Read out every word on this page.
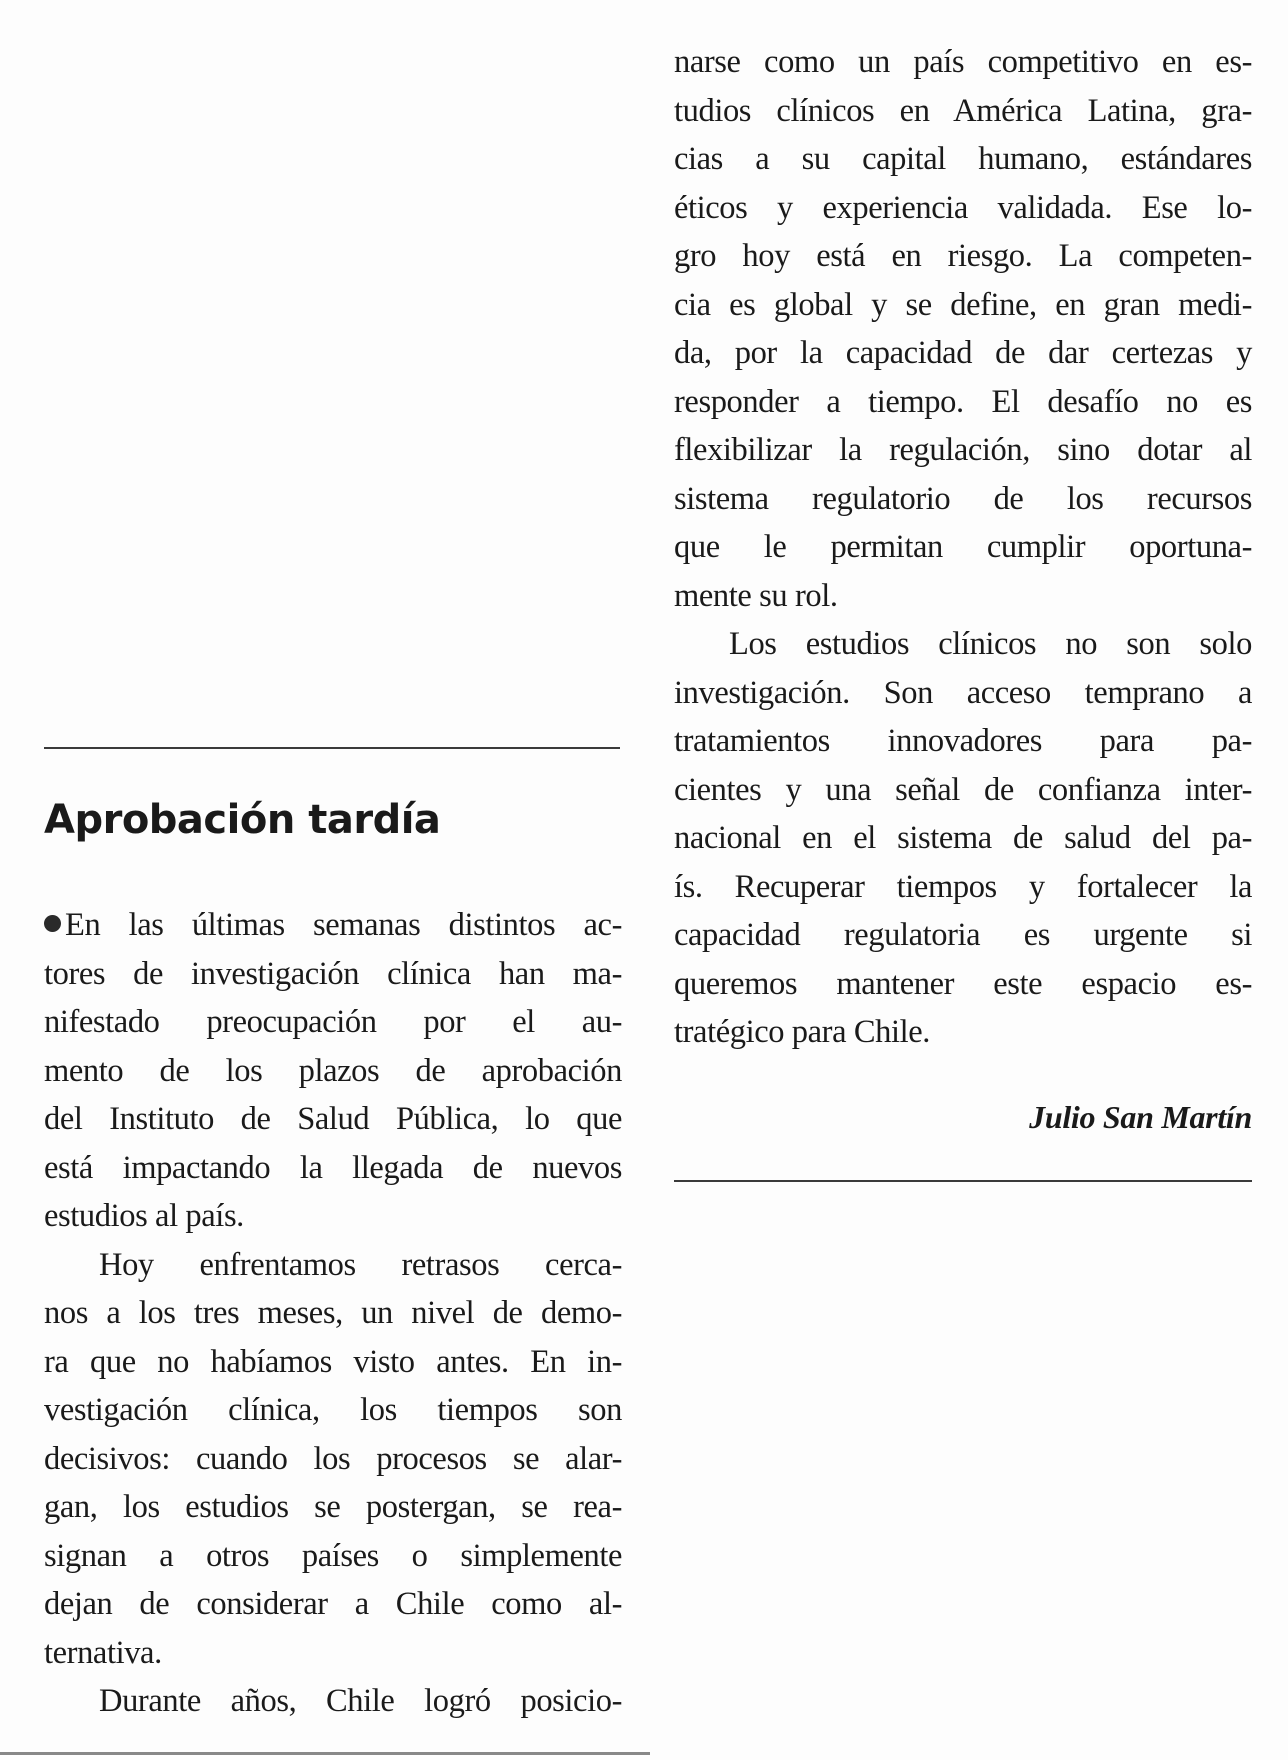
Aprobación tardía
En las últimas semanas distintos ac-
tores de investigación clínica han ma-
nifestado preocupación por el au-
mento de los plazos de aprobación
del Instituto de Salud Pública, lo que
está impactando la llegada de nuevos
estudios al país.
Hoy enfrentamos retrasos cerca-
nos a los tres meses, un nivel de demo-
ra que no habíamos visto antes. En in-
vestigación clínica, los tiempos son
decisivos: cuando los procesos se alar-
gan, los estudios se postergan, se rea-
signan a otros países o simplemente
dejan de considerar a Chile como al-
ternativa.
Durante años, Chile logró posicio-
narse como un país competitivo en es-
tudios clínicos en América Latina, gra-
cias a su capital humano, estándares
éticos y experiencia validada. Ese lo-
gro hoy está en riesgo. La competen-
cia es global y se define, en gran medi-
da, por la capacidad de dar certezas y
responder a tiempo. El desafío no es
flexibilizar la regulación, sino dotar al
sistema regulatorio de los recursos
que le permitan cumplir oportuna-
mente su rol.
Los estudios clínicos no son solo
investigación. Son acceso temprano a
tratamientos innovadores para pa-
cientes y una señal de confianza inter-
nacional en el sistema de salud del pa-
ís. Recuperar tiempos y fortalecer la
capacidad regulatoria es urgente si
queremos mantener este espacio es-
tratégico para Chile.
Julio San Martín
